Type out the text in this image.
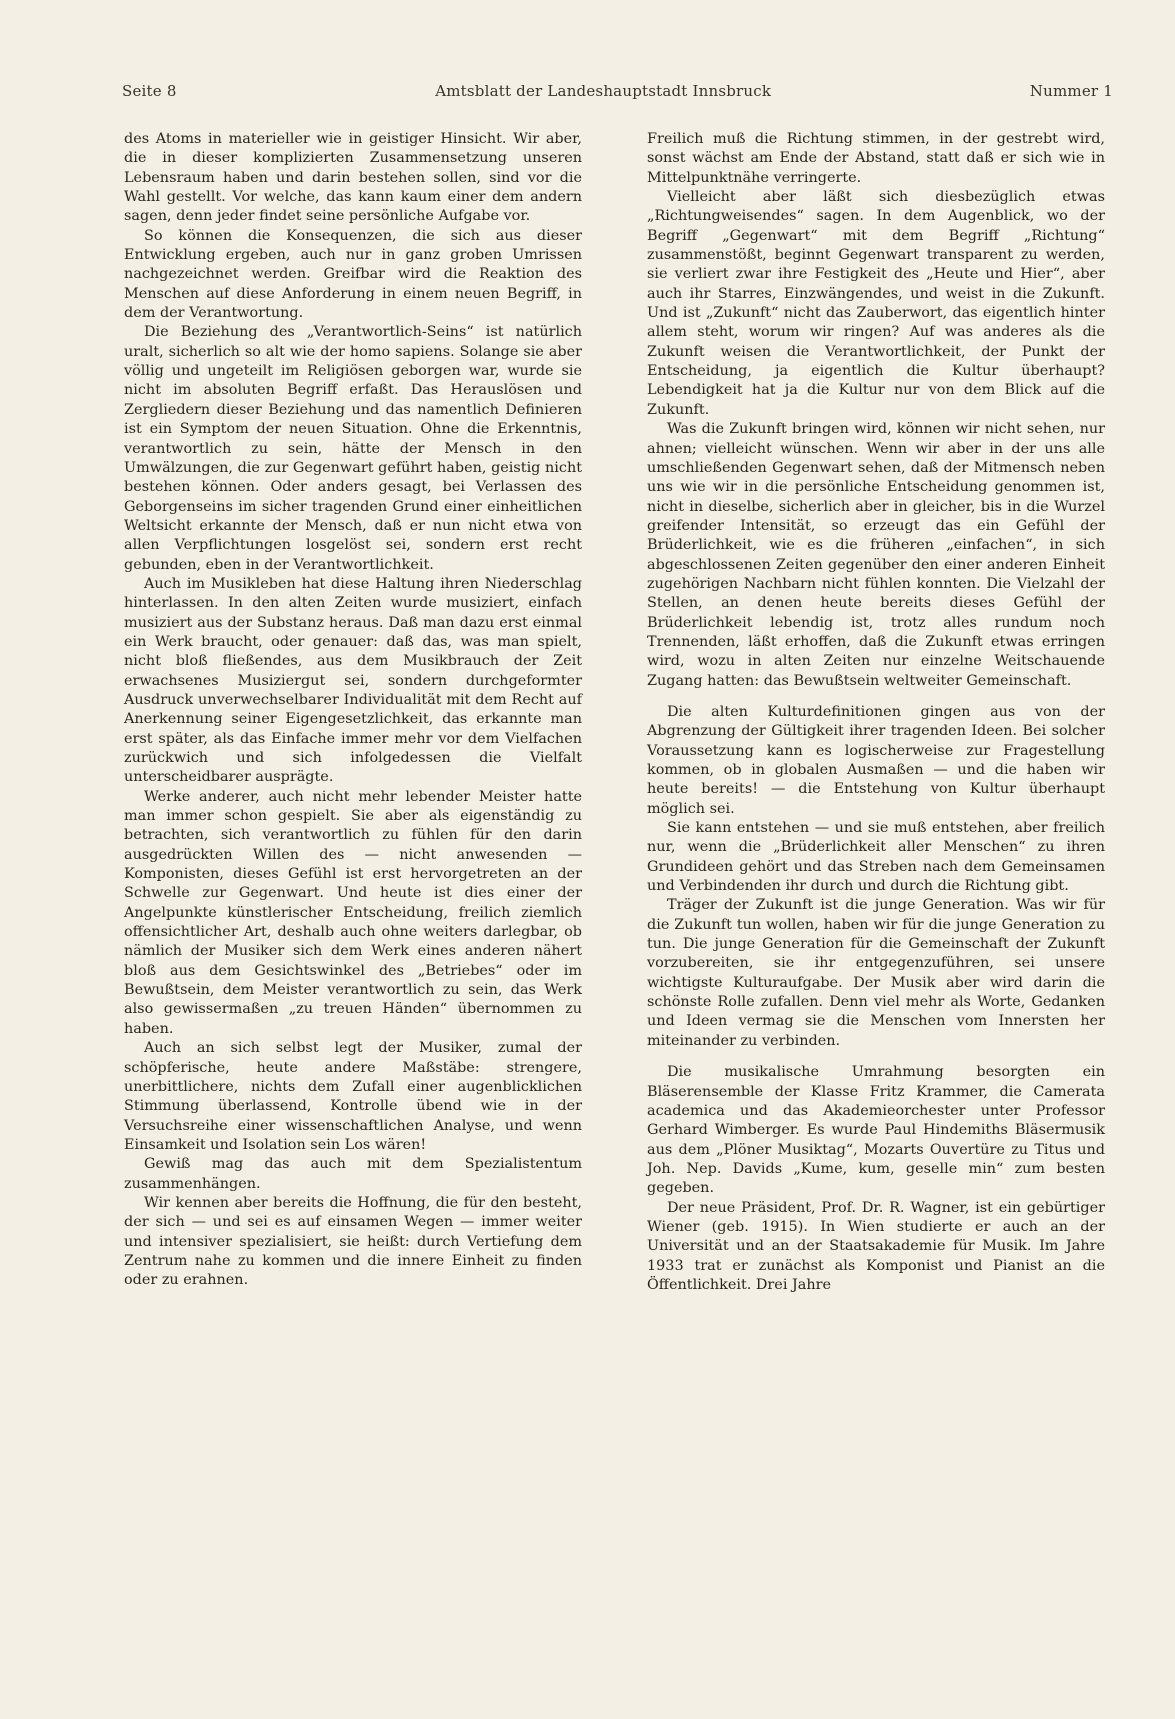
Seite 8	Amtsblatt der Landeshauptstadt Innsbruck	Nummer 1

des Atoms in materieller wie in geistiger Hinsicht. Wir aber, die in dieser komplizierten Zusammensetzung unseren Lebensraum haben und darin bestehen sollen, sind vor die Wahl gestellt. Vor welche, das kann kaum einer dem andern sagen, denn jeder findet seine persönliche Aufgabe vor.

So können die Konsequenzen, die sich aus dieser Entwicklung ergeben, auch nur in ganz groben Umrissen nachgezeichnet werden. Greifbar wird die Reaktion des Menschen auf diese Anforderung in einem neuen Begriff, in dem der Verantwortung.

Die Beziehung des „Verantwortlich-Seins“ ist natürlich uralt, sicherlich so alt wie der homo sapiens. Solange sie aber völlig und ungeteilt im Religiösen geborgen war, wurde sie nicht im absoluten Begriff erfaßt. Das Herauslösen und Zergliedern dieser Beziehung und das namentlich Definieren ist ein Symptom der neuen Situation. Ohne die Erkenntnis, verantwortlich zu sein, hätte der Mensch in den Umwälzungen, die zur Gegenwart geführt haben, geistig nicht bestehen können. Oder anders gesagt, bei Verlassen des Geborgenseins im sicher tragenden Grund einer einheitlichen Weltsicht erkannte der Mensch, daß er nun nicht etwa von allen Verpflichtungen losgelöst sei, sondern erst recht gebunden, eben in der Verantwortlichkeit.

Auch im Musikleben hat diese Haltung ihren Niederschlag hinterlassen. In den alten Zeiten wurde musiziert, einfach musiziert aus der Substanz heraus. Daß man dazu erst einmal ein Werk braucht, oder genauer: daß das, was man spielt, nicht bloß fließendes, aus dem Musikbrauch der Zeit erwachsenes Musiziergut sei, sondern durchgeformter Ausdruck unverwechselbarer Individualität mit dem Recht auf Anerkennung seiner Eigengesetzlichkeit, das erkannte man erst später, als das Einfache immer mehr vor dem Vielfachen zurückwich und sich infolgedessen die Vielfalt unterscheidbarer ausprägte.

Werke anderer, auch nicht mehr lebender Meister hatte man immer schon gespielt. Sie aber als eigenständig zu betrachten, sich verantwortlich zu fühlen für den darin ausgedrückten Willen des — nicht anwesenden — Komponisten, dieses Gefühl ist erst hervorgetreten an der Schwelle zur Gegenwart. Und heute ist dies einer der Angelpunkte künstlerischer Entscheidung, freilich ziemlich offensichtlicher Art, deshalb auch ohne weiters darlegbar, ob nämlich der Musiker sich dem Werk eines anderen nähert bloß aus dem Gesichtswinkel des „Betriebes“ oder im Bewußtsein, dem Meister verantwortlich zu sein, das Werk also gewissermaßen „zu treuen Händen“ übernommen zu haben.

Auch an sich selbst legt der Musiker, zumal der schöpferische, heute andere Maßstäbe: strengere, unerbittlichere, nichts dem Zufall einer augenblicklichen Stimmung überlassend, Kontrolle übend wie in der Versuchsreihe einer wissenschaftlichen Analyse, und wenn Einsamkeit und Isolation sein Los wären!

Gewiß mag das auch mit dem Spezialistentum zusammenhängen.

Wir kennen aber bereits die Hoffnung, die für den besteht, der sich — und sei es auf einsamen Wegen — immer weiter und intensiver spezialisiert, sie heißt: durch Vertiefung dem Zentrum nahe zu kommen und die innere Einheit zu finden oder zu erahnen.

Freilich muß die Richtung stimmen, in der gestrebt wird, sonst wächst am Ende der Abstand, statt daß er sich wie in Mittelpunktnähe verringerte.

Vielleicht aber läßt sich diesbezüglich etwas „Richtungweisendes“ sagen. In dem Augenblick, wo der Begriff „Gegenwart“ mit dem Begriff „Richtung“ zusammenstößt, beginnt Gegenwart transparent zu werden, sie verliert zwar ihre Festigkeit des „Heute und Hier“, aber auch ihr Starres, Einzwängendes, und weist in die Zukunft. Und ist „Zukunft“ nicht das Zauberwort, das eigentlich hinter allem steht, worum wir ringen? Auf was anderes als die Zukunft weisen die Verantwortlichkeit, der Punkt der Entscheidung, ja eigentlich die Kultur überhaupt? Lebendigkeit hat ja die Kultur nur von dem Blick auf die Zukunft.

Was die Zukunft bringen wird, können wir nicht sehen, nur ahnen; vielleicht wünschen. Wenn wir aber in der uns alle umschließenden Gegenwart sehen, daß der Mitmensch neben uns wie wir in die persönliche Entscheidung genommen ist, nicht in dieselbe, sicherlich aber in gleicher, bis in die Wurzel greifender Intensität, so erzeugt das ein Gefühl der Brüderlichkeit, wie es die früheren „einfachen“, in sich abgeschlossenen Zeiten gegenüber den einer anderen Einheit zugehörigen Nachbarn nicht fühlen konnten. Die Vielzahl der Stellen, an denen heute bereits dieses Gefühl der Brüderlichkeit lebendig ist, trotz alles rundum noch Trennenden, läßt erhoffen, daß die Zukunft etwas erringen wird, wozu in alten Zeiten nur einzelne Weitschauende Zugang hatten: das Bewußtsein weltweiter Gemeinschaft.

Die alten Kulturdefinitionen gingen aus von der Abgrenzung der Gültigkeit ihrer tragenden Ideen. Bei solcher Voraussetzung kann es logischerweise zur Fragestellung kommen, ob in globalen Ausmaßen — und die haben wir heute bereits! — die Entstehung von Kultur überhaupt möglich sei.

Sie kann entstehen — und sie muß entstehen, aber freilich nur, wenn die „Brüderlichkeit aller Menschen“ zu ihren Grundideen gehört und das Streben nach dem Gemeinsamen und Verbindenden ihr durch und durch die Richtung gibt.

Träger der Zukunft ist die junge Generation. Was wir für die Zukunft tun wollen, haben wir für die junge Generation zu tun. Die junge Generation für die Gemeinschaft der Zukunft vorzubereiten, sie ihr entgegenzuführen, sei unsere wichtigste Kulturaufgabe. Der Musik aber wird darin die schönste Rolle zufallen. Denn viel mehr als Worte, Gedanken und Ideen vermag sie die Menschen vom Innersten her miteinander zu verbinden.

Die musikalische Umrahmung besorgten ein Bläserensemble der Klasse Fritz Krammer, die Camerata academica und das Akademieorchester unter Professor Gerhard Wimberger. Es wurde Paul Hindemiths Bläsermusik aus dem „Plöner Musiktag“, Mozarts Ouvertüre zu Titus und Joh. Nep. Davids „Kume, kum, geselle min“ zum besten gegeben.

Der neue Präsident, Prof. Dr. R. Wagner, ist ein gebürtiger Wiener (geb. 1915). In Wien studierte er auch an der Universität und an der Staatsakademie für Musik. Im Jahre 1933 trat er zunächst als Komponist und Pianist an die Öffentlichkeit. Drei Jahre
